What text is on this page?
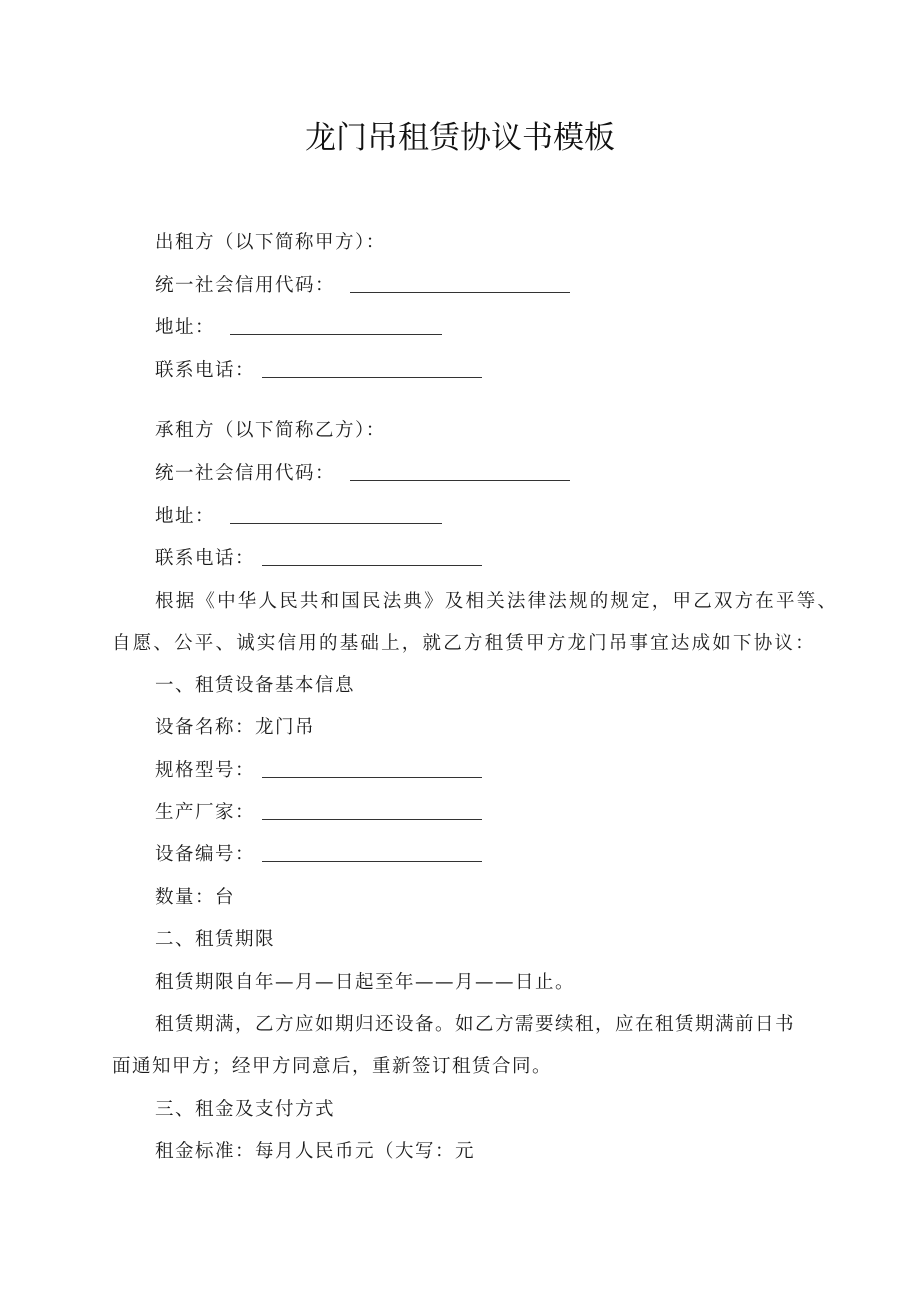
龙门吊租赁协议书模板
出租方（以下简称甲方）：
统一社会信用代码：
地址：
联系电话：
承租方（以下简称乙方）：
统一社会信用代码：
地址：
联系电话：
根据《中华人民共和国民法典》及相关法律法规的规定，甲乙双方在平等、
自愿、公平、诚实信用的基础上，就乙方租赁甲方龙门吊事宜达成如下协议：
一、租赁设备基本信息
设备名称：龙门吊
规格型号：
生产厂家：
设备编号：
数量：台
二、租赁期限
租赁期限自年—月—日起至年——月——日止。
租赁期满，乙方应如期归还设备。如乙方需要续租，应在租赁期满前日书
面通知甲方；经甲方同意后，重新签订租赁合同。
三、租金及支付方式
租金标准：每月人民币元（大写：元
